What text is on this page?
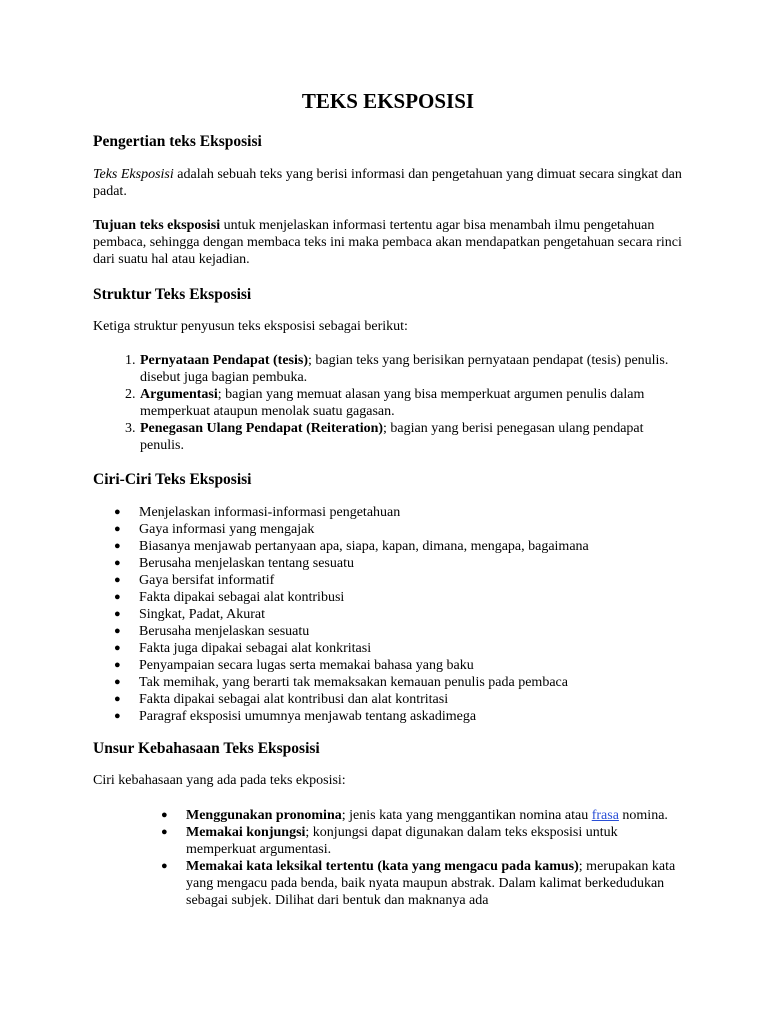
TEKS EKSPOSISI
Pengertian teks Eksposisi

Teks Eksposisi adalah sebuah teks yang berisi informasi dan pengetahuan yang dimuat secara singkat dan padat.

Tujuan teks eksposisi untuk menjelaskan informasi tertentu agar bisa menambah ilmu pengetahuan pembaca, sehingga dengan membaca teks ini maka pembaca akan mendapatkan pengetahuan secara rinci dari suatu hal atau kejadian.

Struktur Teks Eksposisi

Ketiga struktur penyusun teks eksposisi sebagai berikut:

1. Pernyataan Pendapat (tesis); bagian teks yang berisikan pernyataan pendapat (tesis) penulis. disebut juga bagian pembuka.
2. Argumentasi; bagian yang memuat alasan yang bisa memperkuat argumen penulis dalam memperkuat ataupun menolak suatu gagasan.
3. Penegasan Ulang Pendapat (Reiteration); bagian yang berisi penegasan ulang pendapat penulis.
Ciri-Ciri Teks Eksposisi
● Menjelaskan informasi-informasi pengetahuan
● Gaya informasi yang mengajak
● Biasanya menjawab pertanyaan apa, siapa, kapan, dimana, mengapa, bagaimana
● Berusaha menjelaskan tentang sesuatu
● Gaya bersifat informatif
● Fakta dipakai sebagai alat kontribusi
● Singkat, Padat, Akurat
● Berusaha menjelaskan sesuatu
● Fakta juga dipakai sebagai alat konkritasi
● Penyampaian secara lugas serta memakai bahasa yang baku
● Tak memihak, yang berarti tak memaksakan kemauan penulis pada pembaca
● Fakta dipakai sebagai alat kontribusi dan alat kontritasi
● Paragraf eksposisi umumnya menjawab tentang askadimega
Unsur Kebahasaan Teks Eksposisi

Ciri kebahasaan yang ada pada teks ekposisi:

● Menggunakan pronomina; jenis kata yang menggantikan nomina atau frasa nomina.
● Memakai konjungsi; konjungsi dapat digunakan dalam teks eksposisi untuk memperkuat argumentasi.
● Memakai kata leksikal tertentu (kata yang mengacu pada kamus); merupakan kata yang mengacu pada benda, baik nyata maupun abstrak. Dalam kalimat berkedudukan sebagai subjek. Dilihat dari bentuk dan maknanya ada
